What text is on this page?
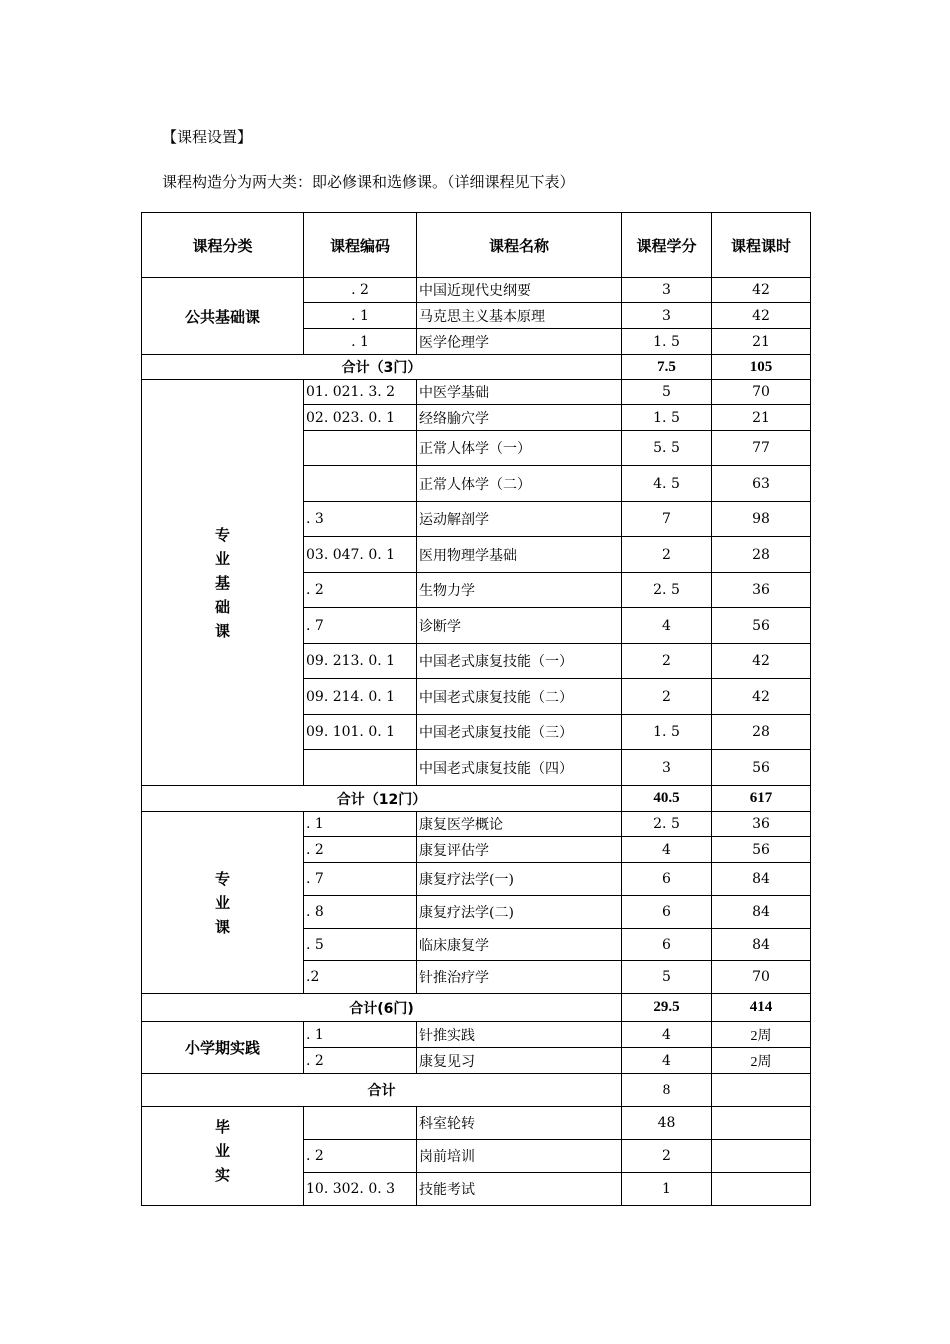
【课程设置】
课程构造分为两大类：即必修课和选修课。（详细课程见下表）
课程分类	课程编码	课程名称	课程学分	课程课时
公共基础课	. 2	中国近现代史纲要	3	42
	. 1	马克思主义基本原理	3	42
	. 1	医学伦理学	1. 5	21
合计（3门）			7.5	105

专
业
基
础
课	01. 021. 3. 2	中医学基础	5	70
	02. 023. 0. 1	经络腧穴学	1. 5	21
		正常人体学（一）	5. 5	77
		正常人体学（二）	4. 5	63
	. 3	运动解剖学	7	98
	03. 047. 0. 1	医用物理学基础	2	28
	. 2	生物力学	2. 5	36
	. 7	诊断学	4	56
	09. 213. 0. 1	中国老式康复技能（一）	2	42
	09. 214. 0. 1	中国老式康复技能（二）	2	42
	09. 101. 0. 1	中国老式康复技能（三）	1. 5	28
		中国老式康复技能（四）	3	56
合计（12门）			40.5	617

专
业
课	. 1	康复医学概论	2. 5	36
	. 2	康复评估学	4	56
	. 7	康复疗法学(一)	6	84
	. 8	康复疗法学(二)	6	84
	. 5	临床康复学	6	84
	.2	针推治疗学	5	70
合计(6门)			29.5	414
小学期实践	. 1	针推实践	4	2周
	. 2	康复见习	4	2周
合计			8	

毕
业
实		科室轮转	48	
	. 2	岗前培训	2	
	10. 302. 0. 3	技能考试	1	
